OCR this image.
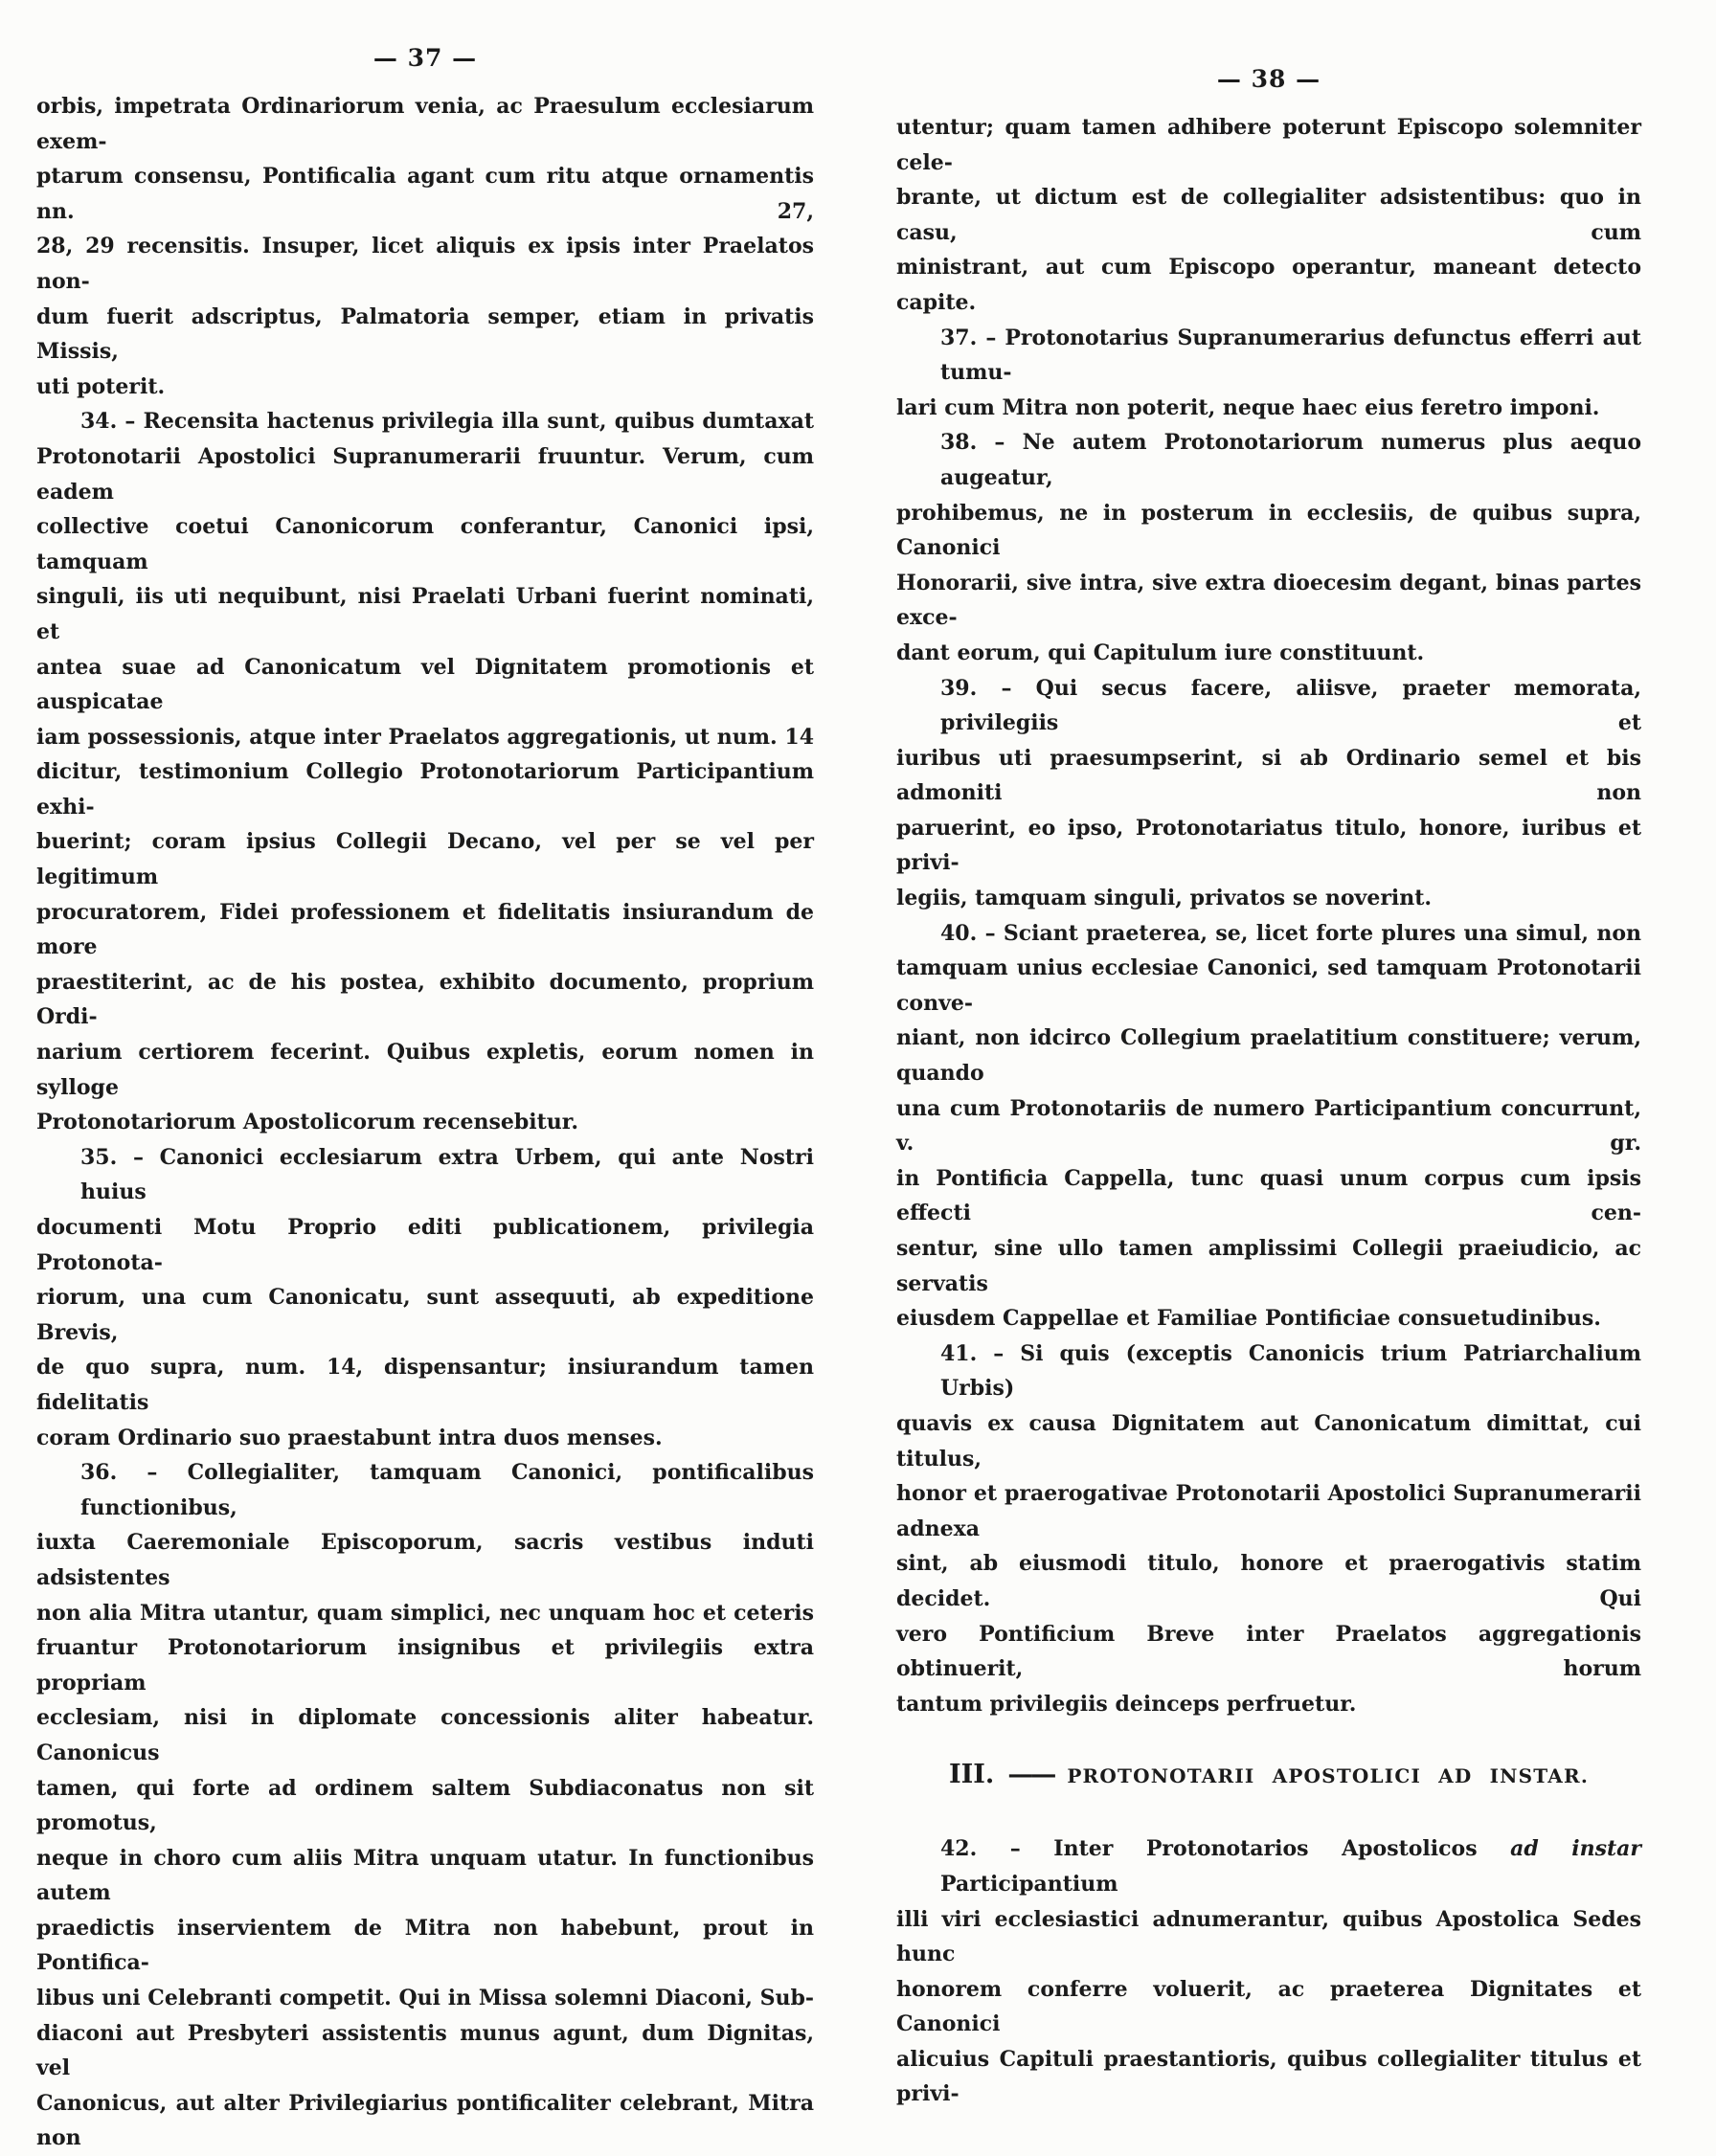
— 37 —
orbis, impetrata Ordinariorum venia, ac Praesulum ecclesiarum exem-
ptarum consensu, Pontificalia agant cum ritu atque ornamentis nn. 27,
28, 29 recensitis. Insuper, licet aliquis ex ipsis inter Praelatos non-
dum fuerit adscriptus, Palmatoria semper, etiam in privatis Missis,
uti poterit.
34. – Recensita hactenus privilegia illa sunt, quibus dumtaxat
Protonotarii Apostolici Supranumerarii fruuntur. Verum, cum eadem
collective coetui Canonicorum conferantur, Canonici ipsi, tamquam
singuli, iis uti nequibunt, nisi Praelati Urbani fuerint nominati, et
antea suae ad Canonicatum vel Dignitatem promotionis et auspicatae
iam possessionis, atque inter Praelatos aggregationis, ut num. 14
dicitur, testimonium Collegio Protonotariorum Participantium exhi-
buerint; coram ipsius Collegii Decano, vel per se vel per legitimum
procuratorem, Fidei professionem et fidelitatis insiurandum de more
praestiterint, ac de his postea, exhibito documento, proprium Ordi-
narium certiorem fecerint. Quibus expletis, eorum nomen in sylloge
Protonotariorum Apostolicorum recensebitur.
35. – Canonici ecclesiarum extra Urbem, qui ante Nostri huius
documenti Motu Proprio editi publicationem, privilegia Protonota-
riorum, una cum Canonicatu, sunt assequuti, ab expeditione Brevis,
de quo supra, num. 14, dispensantur; insiurandum tamen fidelitatis
coram Ordinario suo praestabunt intra duos menses.
36. – Collegialiter, tamquam Canonici, pontificalibus functionibus,
iuxta Caeremoniale Episcoporum, sacris vestibus induti adsistentes
non alia Mitra utantur, quam simplici, nec unquam hoc et ceteris
fruantur Protonotariorum insignibus et privilegiis extra propriam
ecclesiam, nisi in diplomate concessionis aliter habeatur. Canonicus
tamen, qui forte ad ordinem saltem Subdiaconatus non sit promotus,
neque in choro cum aliis Mitra unquam utatur. In functionibus autem
praedictis inservientem de Mitra non habebunt, prout in Pontifica-
libus uni Celebranti competit. Qui in Missa solemni Diaconi, Sub-
diaconi aut Presbyteri assistentis munus agunt, dum Dignitas, vel
Canonicus, aut alter Privilegiarius pontificaliter celebrant, Mitra non
— 38 —
utentur; quam tamen adhibere poterunt Episcopo solemniter cele-
brante, ut dictum est de collegialiter adsistentibus: quo in casu, cum
ministrant, aut cum Episcopo operantur, maneant detecto capite.
37. – Protonotarius Supranumerarius defunctus efferri aut tumu-
lari cum Mitra non poterit, neque haec eius feretro imponi.
38. – Ne autem Protonotariorum numerus plus aequo augeatur,
prohibemus, ne in posterum in ecclesiis, de quibus supra, Canonici
Honorarii, sive intra, sive extra dioecesim degant, binas partes exce-
dant eorum, qui Capitulum iure constituunt.
39. – Qui secus facere, aliisve, praeter memorata, privilegiis et
iuribus uti praesumpserint, si ab Ordinario semel et bis admoniti non
paruerint, eo ipso, Protonotariatus titulo, honore, iuribus et privi-
legiis, tamquam singuli, privatos se noverint.
40. – Sciant praeterea, se, licet forte plures una simul, non
tamquam unius ecclesiae Canonici, sed tamquam Protonotarii conve-
niant, non idcirco Collegium praelatitium constituere; verum, quando
una cum Protonotariis de numero Participantium concurrunt, v. gr.
in Pontificia Cappella, tunc quasi unum corpus cum ipsis effecti cen-
sentur, sine ullo tamen amplissimi Collegii praeiudicio, ac servatis
eiusdem Cappellae et Familiae Pontificiae consuetudinibus.
41. – Si quis (exceptis Canonicis trium Patriarchalium Urbis)
quavis ex causa Dignitatem aut Canonicatum dimittat, cui titulus,
honor et praerogativae Protonotarii Apostolici Supranumerarii adnexa
sint, ab eiusmodi titulo, honore et praerogativis statim decidet. Qui
vero Pontificium Breve inter Praelatos aggregationis obtinuerit, horum
tantum privilegiis deinceps perfruetur.
III. —— PROTONOTARII APOSTOLICI AD INSTAR.
42. – Inter Protonotarios Apostolicos ad instar Participantium
illi viri ecclesiastici adnumerantur, quibus Apostolica Sedes hunc
honorem conferre voluerit, ac praeterea Dignitates et Canonici
alicuius Capituli praestantioris, quibus collegialiter titulus et privi-
